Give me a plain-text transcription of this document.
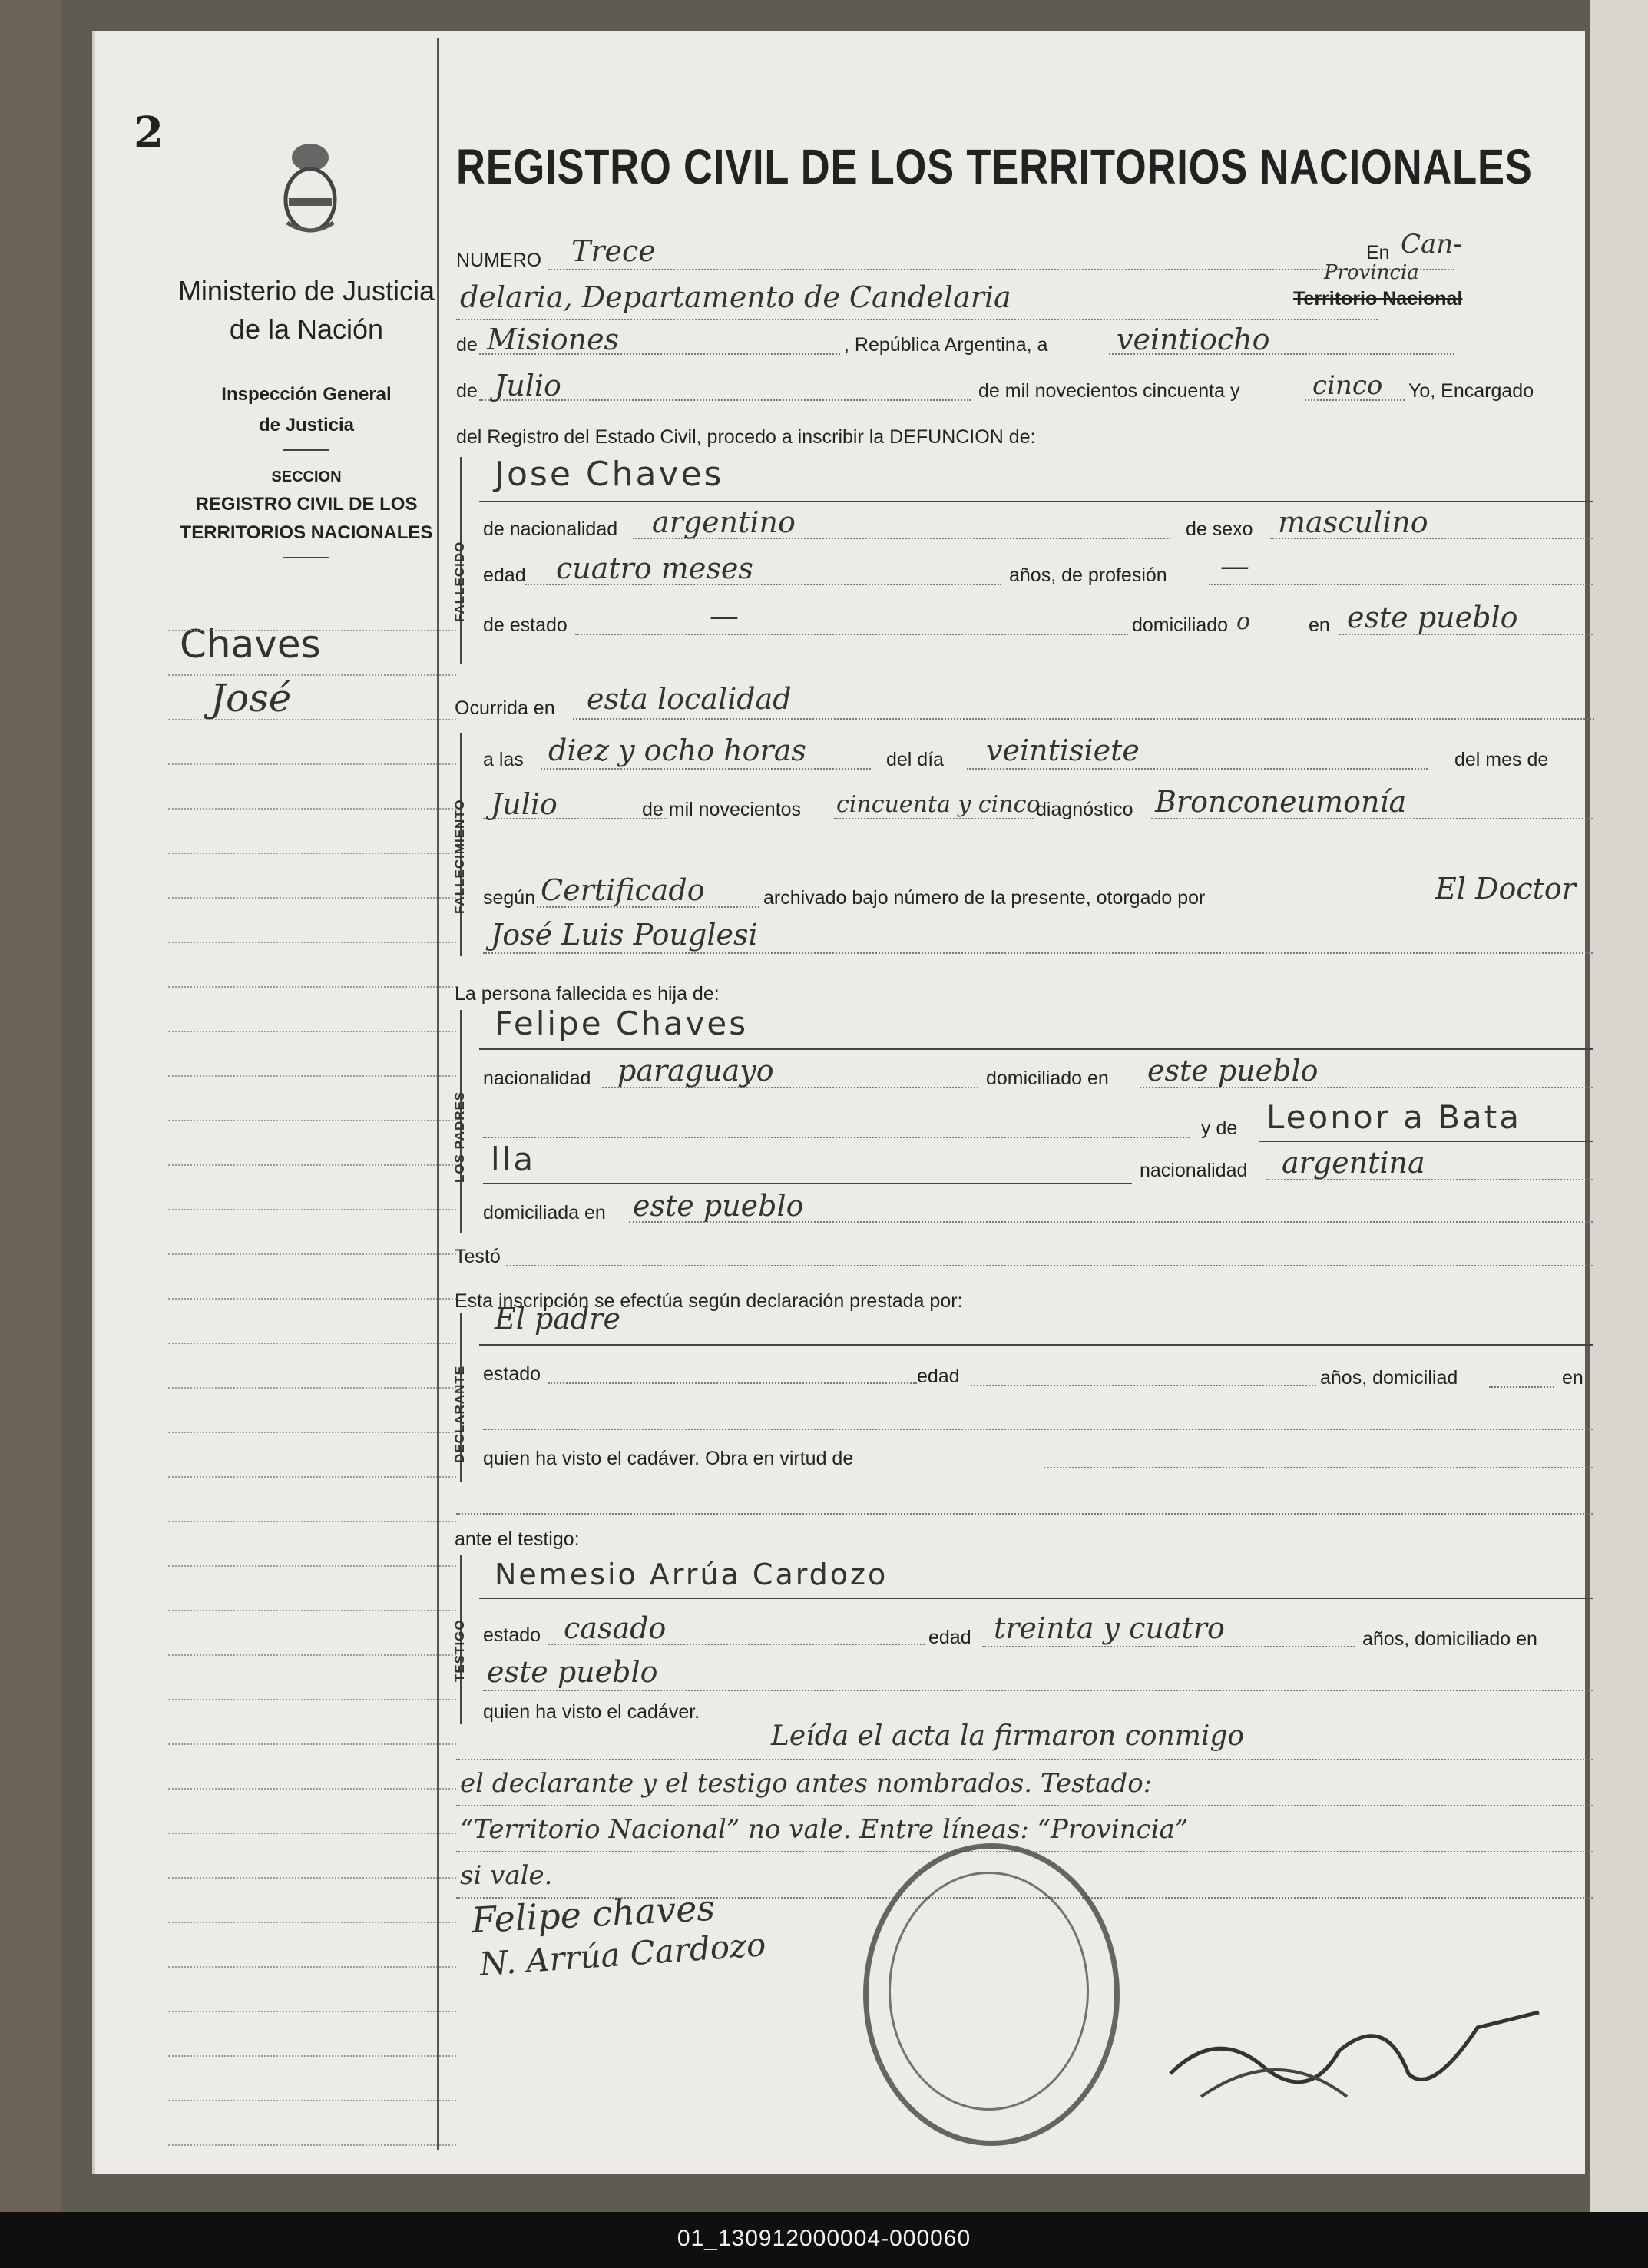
2
Ministerio de Justicia
de la Nación
Inspección General
de Justicia
SECCION
REGISTRO CIVIL DE LOS
TERRITORIOS NACIONALES
Chaves
José
REGISTRO CIVIL DE LOS TERRITORIOS NACIONALES
NUMERO Trece	En Can-
Provincia
delaria, Departamento de Candelaria	Territorio Nacional
de Misiones	, República Argentina, a veintiocho
de Julio	de mil novecientos cincuenta y	cinco Yo, Encargado
del Registro del Estado Civil, procedo a inscribir la DEFUNCION de:
FALLECIDO
Jose Chaves
de nacionalidad argentino	de sexo masculino
edad cuatro meses	años, de profesión —
de estado	—	domiciliado o	en este pueblo
Ocurrida en esta localidad
FALLECIMIENTO
a las diez y ocho horas	del día veintisiete	del mes de
Julio	de mil novecientos cincuenta y cinco
diagnóstico Bronconeumonía
según Certificado	archivado bajo número de la presente, otorgado por	El Doctor
José Luis Pouglesi
La persona fallecida es hija de:
LOS PADRES
Felipe Chaves
nacionalidad paraguayo	domiciliado en este pueblo
y de Leonor a Bata
lla	nacionalidad argentina
domiciliada en este pueblo
Testó
Esta inscripción se efectúa según declaración prestada por:
DECLARANTE
El padre
estado	edad	años, domiciliad	en
quien ha visto el cadáver. Obra en virtud de
ante el testigo:
TESTIGO
Nemesio Arrúa Cardozo
estado casado	edad treinta y cuatro	años, domiciliado en
este pueblo
quien ha visto el cadáver.
Leída el acta la firmaron conmigo
el declarante y el testigo antes nombrados. Testado:
“Territorio Nacional” no vale. Entre líneas: “Provincia”
si vale.
Felipe chaves
N. Arrúa Cardozo
01_130912000004-000060
